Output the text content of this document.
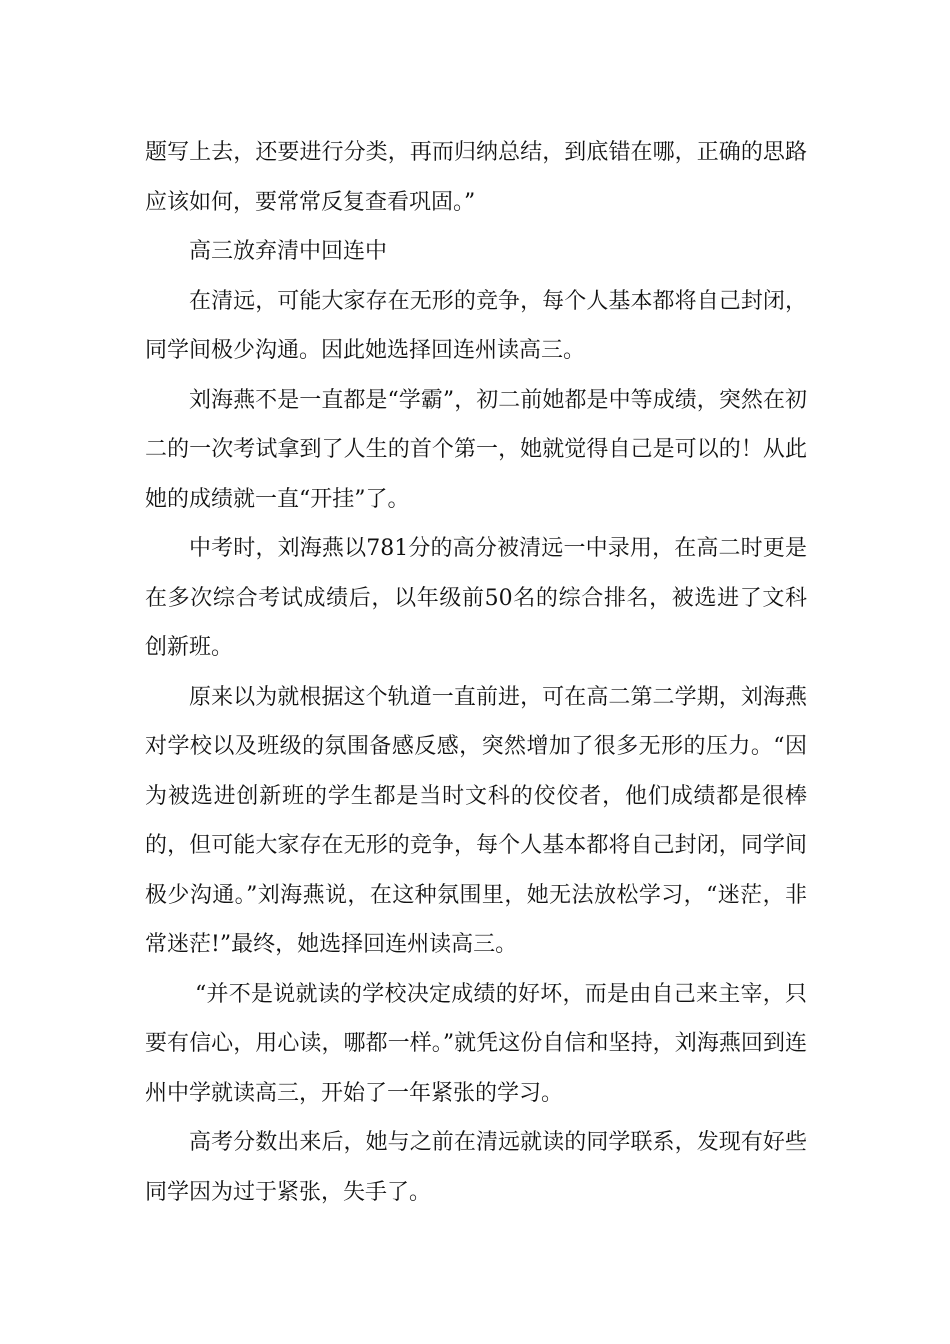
题写上去，还要进行分类，再而归纳总结，到底错在哪，正确的思路应该如何，要常常反复查看巩固。”

高三放弃清中回连中

在清远，可能大家存在无形的竞争，每个人基本都将自己封闭，同学间极少沟通。因此她选择回连州读高三。

刘海燕不是一直都是“学霸”，初二前她都是中等成绩，突然在初二的一次考试拿到了人生的首个第一，她就觉得自己是可以的！从此她的成绩就一直“开挂”了。

中考时，刘海燕以781分的高分被清远一中录用，在高二时更是在多次综合考试成绩后，以年级前50名的综合排名，被选进了文科创新班。

原来以为就根据这个轨道一直前进，可在高二第二学期，刘海燕对学校以及班级的氛围备感反感，突然增加了很多无形的压力。“因为被选进创新班的学生都是当时文科的佼佼者，他们成绩都是很棒的，但可能大家存在无形的竞争，每个人基本都将自己封闭，同学间极少沟通。”刘海燕说，在这种氛围里，她无法放松学习，“迷茫，非常迷茫!”最终，她选择回连州读高三。

“并不是说就读的学校决定成绩的好坏，而是由自己来主宰，只要有信心，用心读，哪都一样。”就凭这份自信和坚持，刘海燕回到连州中学就读高三，开始了一年紧张的学习。

高考分数出来后，她与之前在清远就读的同学联系，发现有好些同学因为过于紧张，失手了。
